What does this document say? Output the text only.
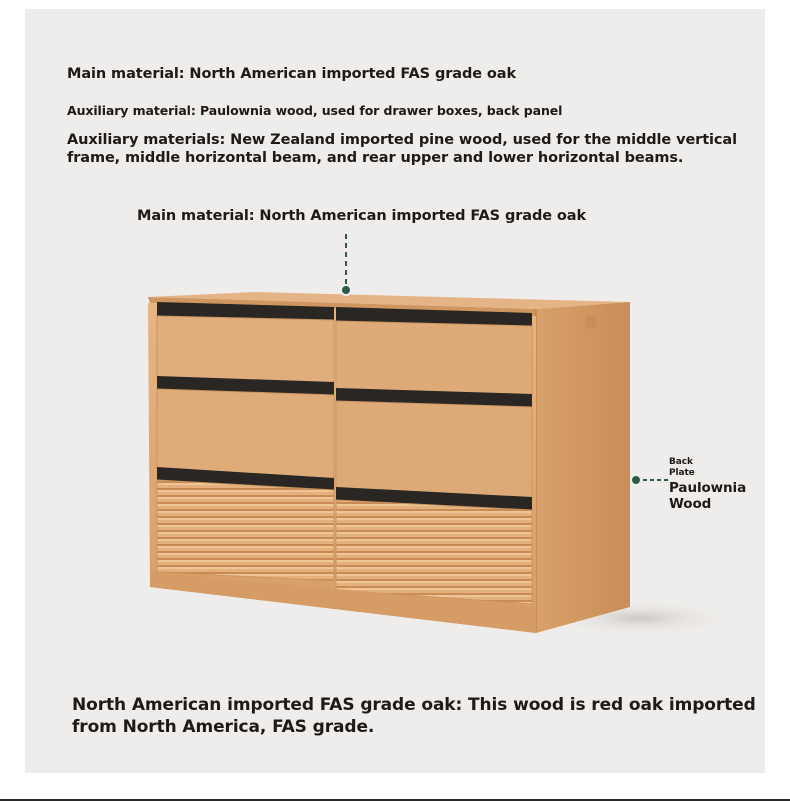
Main material: North American imported FAS grade oak
Auxiliary material: Paulownia wood, used for drawer boxes, back panel
Auxiliary materials: New Zealand imported pine wood, used for the middle vertical
frame, middle horizontal beam, and rear upper and lower horizontal beams.
Main material: North American imported FAS grade oak
Back
Plate
Paulownia
Wood
North American imported FAS grade oak: This wood is red oak imported
from North America, FAS grade.
